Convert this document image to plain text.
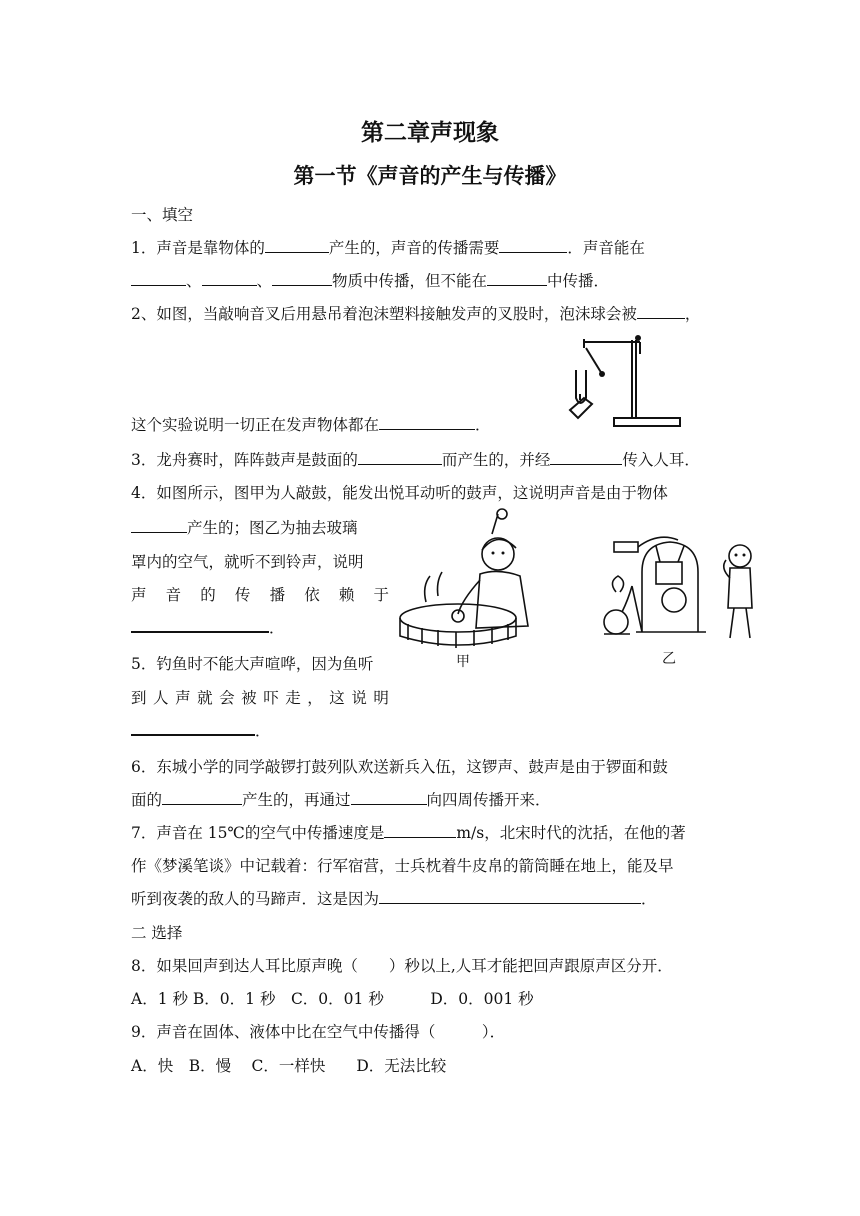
第二章声现象
第一节《声音的产生与传播》
一、填空
1．声音是靠物体的	产生的，声音的传播需要	．声音能在
、	、	物质中传播，但不能在	中传播．
2、如图，当敲响音叉后用悬吊着泡沫塑料接触发声的叉股时，泡沫球会被	，
这个实验说明一切正在发声物体都在	．
3．龙舟赛时，阵阵鼓声是鼓面的	而产生的，并经	传入人耳．
4．如图所示，图甲为人敲鼓，能发出悦耳动听的鼓声，这说明声音是由于物体
产生的；图乙为抽去玻璃
罩内的空气，就听不到铃声，说明
声 音 的 传 播 依 赖 于
．
甲	乙
5．钓鱼时不能大声喧哗，因为鱼听
到 人 声 就 会 被 吓 走 ， 这 说 明
．
6．东城小学的同学敲锣打鼓列队欢送新兵入伍，这锣声、鼓声是由于锣面和鼓
面的	产生的，再通过	向四周传播开来．
7．声音在 15℃的空气中传播速度是	m/s，北宋时代的沈括，在他的著
作《梦溪笔谈》中记载着：行军宿营，士兵枕着牛皮帛的箭筒睡在地上，能及早
听到夜袭的敌人的马蹄声．这是因为	．
二 选择
8．如果回声到达人耳比原声晚（　　）秒以上,人耳才能把回声跟原声区分开．
A．1 秒 B．0．1 秒　C．0．01 秒　　　D．0．001 秒
9．声音在固体、液体中比在空气中传播得（　　　）．
A．快　B．慢　 C．一样快　　D．无法比较
